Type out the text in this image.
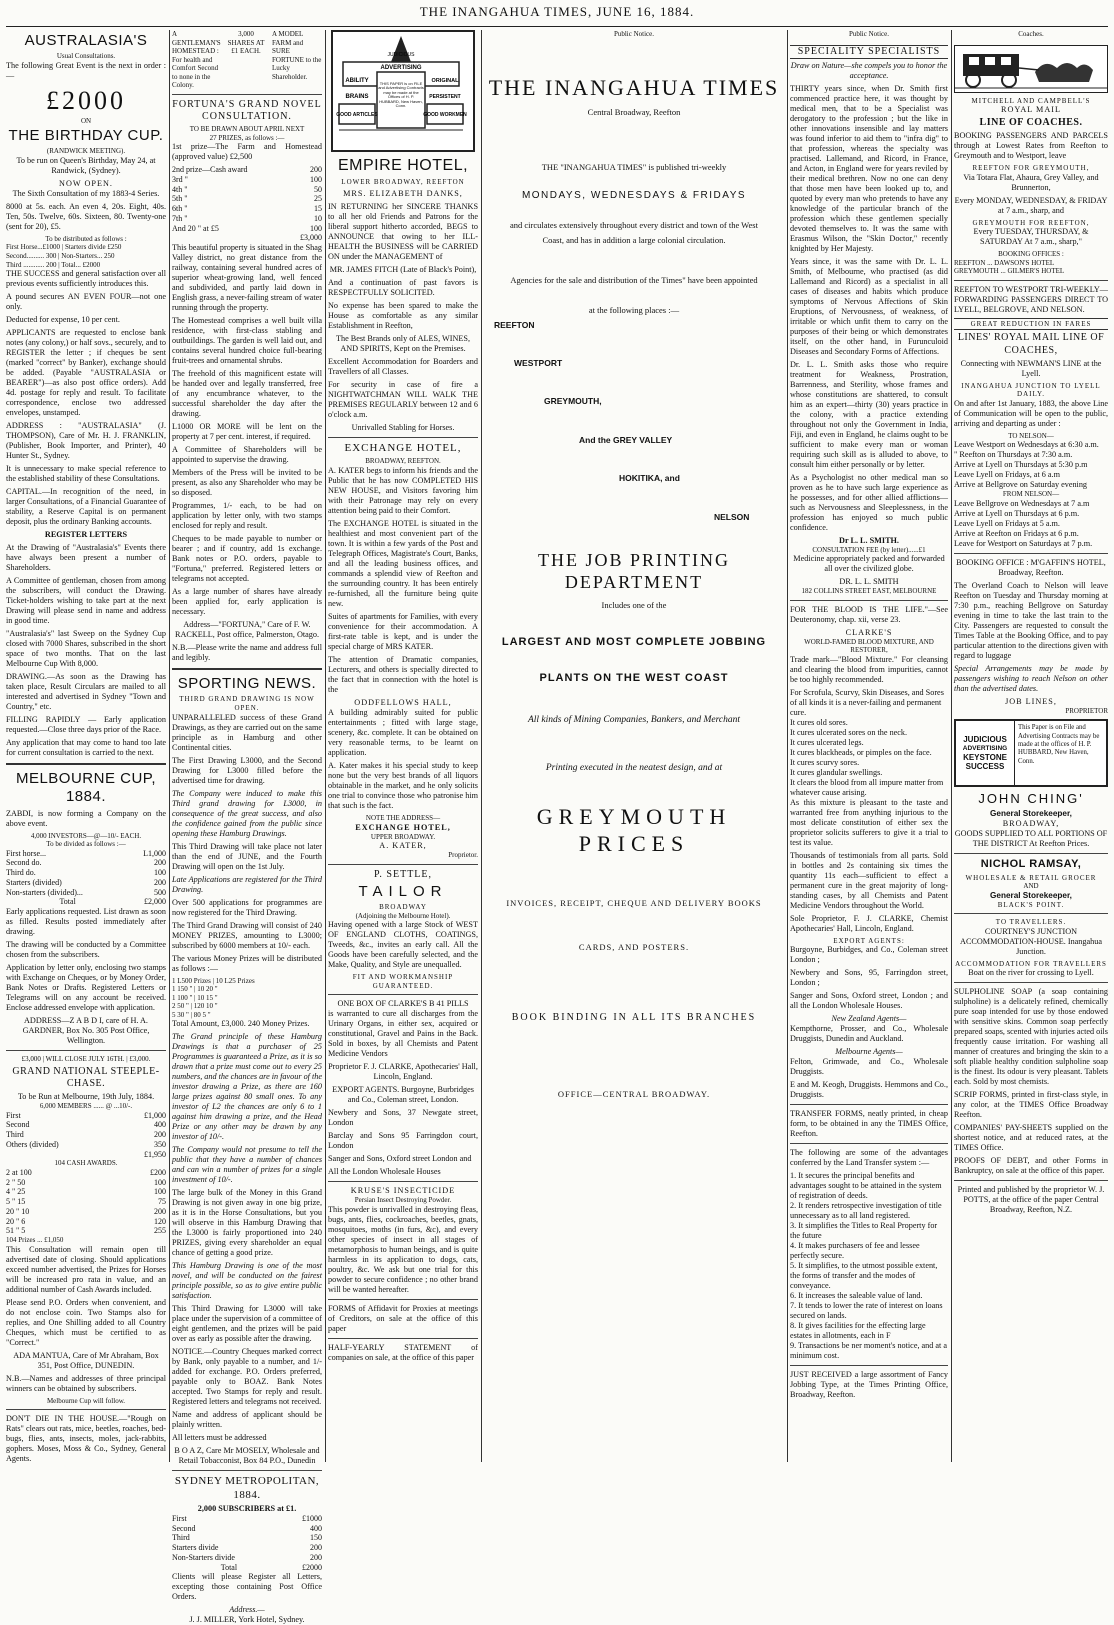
THE INANGAHUA TIMES, JUNE 16, 1884.
AUSTRALASIA'S
Usual Consultations.

The following Great Event is the next in order :—

£2000
ON
THE BIRTHDAY CUP.
(RANDWICK MEETING).

To be run on Queen's Birthday, May 24, at Randwick, (Sydney).

NOW OPEN.

The Sixth Consultation of my 1883-4 Series.

8000 at 5s. each. An even 4, 20s. Eight, 40s. Ten, 50s. Twelve, 60s. Sixteen, 80. Twenty-one (sent for 20), £5.

To be distributed as follows :
First Horse...£1000 | Starters divide £250
Second.......... 300 | Non-Starters... 250
Third ............ 200 | Total... £2000

THE SUCCESS and general satisfaction over all previous events sufficiently introduces this.

A pound secures AN EVEN FOUR—not one only.

Deducted for expense, 10 per cent.

APPLICANTS are requested to enclose bank notes (any colony,) or half sovs., securely, and to REGISTER the letter ; if cheques be sent (marked "correct" by Banker), exchange should be added. (Payable "AUSTRALASIA or BEARER")—as also post office orders). Add 4d. postage for reply and result. To facilitate correspondence, enclose two addressed envelopes, unstamped.

ADDRESS : "AUSTRALASIA" (J. THOMPSON), Care of Mr. H. J. FRANKLIN, (Publisher, Book Importer, and Printer), 40 Hunter St., Sydney.

It is unnecessary to make special reference to the established stability of these Consultations.

CAPITAL.—In recognition of the need, in larger Consultations, of a Financial Guarantee of stability, a Reserve Capital is on permanent deposit, plus the ordinary Banking accounts.

REGISTER LETTERS

At the Drawing of "Australasia's" Events there have always been present a number of Shareholders.

A Committee of gentleman, chosen from among the subscribers, will conduct the Drawing. Ticket-holders wishing to take part at the next Drawing will please send in name and address in good time.

"Australasia's" last Sweep on the Sydney Cup closed with 7000 Shares, subscribed in the short space of two months. That on the last Melbourne Cup With 8,000.

DRAWING.—As soon as the Drawing has taken place, Result Circulars are mailed to all interested and advertised in Sydney "Town and Country," etc.

FILLING RAPIDLY — Early application requested.—Close three days prior of the Race.

Any application that may come to hand too late for current consultation is carried to the next.

MELBOURNE CUP, 1884.

ZABDI, is now forming a Company on the above event.

4,000 INVESTORS—@—10/- EACH.
To be divided as follows :—
First horse...	L1,000
Second do.	200
Third do.	100
Starters (divided)	200
Non-starters (divided)...	500
Total	£2,000

Early applications requested. List drawn as soon as filled. Results posted immediately after drawing.

The drawing will be conducted by a Committee chosen from the subscribers.

Application by letter only, enclosing two stamps with Exchange on Cheques, or by Money Order, Bank Notes or Drafts. Registered Letters or Telegrams will on any account be received. Enclose addressed envelope with application.

ADDRESS—Z A B D I, care of H. A. GARDNER, Box No. 305 Post Office, Wellington.

£3,000 | WILL CLOSE JULY 16TH. | £3,000.
GRAND NATIONAL STEEPLE-CHASE.
To be Run at Melbourne, 19th July, 1884.
6,000 MEMBERS ...... @ ...10/-.
First	£1,000
Second	400
Third	200
Others (divided)	350
	£1,950
104 CASH AWARDS.
2 at 100	£200
2 " 50	100
4 " 25	100
5 " 15	75
20 " 10	200
20 " 6	120
51 " 5	255
104 Prizes ... £1,050

This Consultation will remain open till advertised date of closing. Should applications exceed number advertised, the Prizes for Horses will be increased pro rata in value, and an additional number of Cash Awards included.

Please send P.O. Orders when convenient, and do not enclose coin. Two Stamps also for replies, and One Shilling added to all Country Cheques, which must be certified to as "Correct."

ADA MANTUA, Care of Mr Abraham, Box 351, Post Office, DUNEDIN.

N.B.—Names and addresses of three principal winners can be obtained by subscribers.

Melbourne Cup will follow.

DON'T DIE IN THE HOUSE.—"Rough on Rats" clears out rats, mice, beetles, roaches, bed-bugs, flies, ants, insects, moles, jack-rabbits, gophers. Moses, Moss & Co., Sydney, General Agents.

A GENTLEMAN'S HOMESTEAD : For health and Comfort Second to none in the Colony.
3,000 SHARES AT £1 EACH.
A MODEL FARM and SURE FORTUNE to the Lucky Shareholder.
FORTUNA'S GRAND NOVEL CONSULTATION.
TO BE DRAWN ABOUT APRIL NEXT
27 PRIZES, as follows :—

1st prize—The Farm and Homestead (approved value) £2,500

2nd prize—Cash award	200
3rd "	100
4th "	50
5th "	25
6th "	15
7th "	10
And 20 " at £5	100
	£3,000

This beautiful property is situated in the Shag Valley district, no great distance from the railway, containing several hundred acres of superior wheat-growing land, well fenced and subdivided, and partly laid down in English grass, a never-failing stream of water running through the property.

The Homestead comprises a well built villa residence, with first-class stabling and outbuildings. The garden is well laid out, and contains several hundred choice full-bearing fruit-trees and ornamental shrubs.

The freehold of this magnificent estate will be handed over and legally transferred, free of any encumbrance whatever, to the successful shareholder the day after the drawing.

L1000 OR MORE will be lent on the property at 7 per cent. interest, if required.

A Committee of Shareholders will be appointed to supervise the drawing.

Members of the Press will be invited to be present, as also any Shareholder who may be so disposed.

Programmes, 1/- each, to be had on application by letter only, with two stamps enclosed for reply and result.

Cheques to be made payable to number or bearer ; and if country, add 1s exchange. Bank notes or P.O. orders, payable to "Fortuna," preferred. Registered letters or telegrams not accepted.

As a large number of shares have already been applied for, early application is necessary.

Address—"FORTUNA," Care of F. W. RACKELL, Post office, Palmerston, Otago.

N.B.—Please write the name and address full and legibly.

SPORTING NEWS.
THIRD GRAND DRAWING IS NOW OPEN.

UNPARALLELED success of these Grand Drawings, as they are carried out on the same principle as in Hamburg and other Continental cities.

The First Drawing L3000, and the Second Drawing for L3000 filled before the advertised time for drawing.

The Company were induced to make this Third grand drawing for L3000, in consequence of the great success, and also the confidence gained from the public since opening these Hamburg Drawings.

This Third Drawing will take place not later than the end of JUNE, and the Fourth Drawing will open on the 1st July.

Late Applications are registered for the Third Drawing.

Over 500 applications for programmes are now registered for the Third Drawing.

The Third Grand Drawing will consist of 240 MONEY PRIZES, amounting to L3000; subscribed by 6000 members at 10/- each.

The various Money Prizes will be distributed as follows :—

1 L500 Prizes | 10 L25 Prizes
1 150 " | 10 20 "
1 100 " | 10 15 "
2 50 " | 120 10 "
5 30 " | 80 5 "

Total Amount, £3,000. 240 Money Prizes.

The Grand principle of these Hamburg Drawings is that a purchaser of 25 Programmes is guaranteed a Prize, as it is so drawn that a prize must come out to every 25 numbers, and the chances are in favour of the investor drawing a Prize, as there are 160 large prizes against 80 small ones. To any investor of L2 the chances are only 6 to 1 against him drawing a prize, and the Head Prize or any other may be drawn by any investor of 10/-.

The Company would not presume to tell the public that they have a number of chances and can win a number of prizes for a single investment of 10/-.

The large bulk of the Money in this Grand Drawing is not given away in one big prize, as it is in the Horse Consultations, but you will observe in this Hamburg Drawing that the L3000 is fairly proportioned into 240 PRIZES, giving every shareholder an equal chance of getting a good prize.

This Hamburg Drawing is one of the most novel, and will be conducted on the fairest principle possible, so as to give entire public satisfaction.

This Third Drawing for L3000 will take place under the supervision of a committee of eight gentlemen, and the prizes will be paid over as early as possible after the drawing.

NOTICE.—Country Cheques marked correct by Bank, only payable to a number, and 1/- added for exchange. P.O. Orders preferred, payable only to BOAZ. Bank Notes accepted. Two Stamps for reply and result. Registered letters and telegrams not received.

Name and address of applicant should be plainly written.

All letters must be addressed

B O A Z, Care Mr MOSELY, Wholesale and Retail Tobacconist, Box 84 P.O., Dunedin

SYDNEY METROPOLITAN, 1884.
2,000 SUBSCRIBERS at £1.
First	£1000
Second	400
Third	150
Starters divide	200
Non-Starters divide	200
Total	£2000

Clients will please Register all Letters, excepting those containing Post Office Orders.

Address.—

J. J. MILLER, York Hotel, Sydney.

JUDICIOUS
ADVERTISING
ABILITY
GOOD ARTICLES
BRAINS	PERSISTENT
GOOD WORKMEN
ORIGINAL
THIS PAPER is on FILE and Advertising Contracts may be made at the Offices of H. P. HUBBARD, New Haven, Conn.
EMPIRE HOTEL,
LOWER BROADWAY, REEFTON
MRS. ELIZABETH DANKS,

IN RETURNING her SINCERE THANKS to all her old Friends and Patrons for the liberal support hitherto accorded, BEGS to ANNOUNCE that owing to her ILL-HEALTH the BUSINESS will be CARRIED ON under the MANAGEMENT of

MR. JAMES FITCH (Late of Black's Point),

And a continuation of past favors is RESPECTFULLY SOLICITED.

No expense has been spared to make the House as comfortable as any similar Establishment in Reefton,

The Best Brands only of ALES, WINES, AND SPIRITS, Kept on the Premises.

Excellent Accommodation for Boarders and Travellers of all Classes.

For security in case of fire a NIGHTWATCHMAN WILL WALK THE PREMISES REGULARLY between 12 and 6 o'clock a.m.

Unrivalled Stabling for Horses.

EXCHANGE HOTEL,
BROADWAY, REEFTON.

A. KATER begs to inform his friends and the Public that he has now COMPLETED HIS NEW HOUSE, and Visitors favoring him with their Patronage may rely on every attention being paid to their Comfort.

The EXCHANGE HOTEL is situated in the healthiest and most convenient part of the town. It is within a few yards of the Post and Telegraph Offices, Magistrate's Court, Banks, and all the leading business offices, and commands a splendid view of Reefton and the surrounding country. It has been entirely re-furnished, all the furniture being quite new.

Suites of apartments for Families, with every convenience for their accommodation. A first-rate table is kept, and is under the special charge of MRS KATER.

The attention of Dramatic companies, Lecturers, and others is specially directed to the fact that in connection with the hotel is the

ODDFELLOWS HALL,

A building admirably suited for public entertainments ; fitted with large stage, scenery, &c. complete. It can be obtained on very reasonable terms, to be learnt on application.

A. Kater makes it his special study to keep none but the very best brands of all liquors obtainable in the market, and he only solicits one trial to convince those who patronise him that such is the fact.

NOTE THE ADDRESS—
EXCHANGE HOTEL,
UPPER BROADWAY.
A. KATER,
Proprietor.
P. SETTLE,
TAILOR
BROADWAY
(Adjoining the Melbourne Hotel).

Having opened with a large Stock of WEST OF ENGLAND CLOTHS, COATINGS, Tweeds, &c., invites an early call. All the Goods have been carefully selected, and the Make, Quality, and Style are unequalled.

FIT AND WORKMANSHIP GUARANTEED.
ONE BOX OF CLARKE'S B 41 PILLS

is warranted to cure all discharges from the Urinary Organs, in either sex, acquired or constitutional, Gravel and Pains in the Back. Sold in boxes, by all Chemists and Patent Medicine Vendors

Proprietor F. J. CLARKE, Apothecaries' Hall, Lincoln, England.

EXPORT AGENTS. Burgoyne, Burbridges and Co., Coleman street, London.

Newbery and Sons, 37 Newgate street, London

Barclay and Sons 95 Farringdon court, London

Sanger and Sons, Oxford street London and

All the London Wholesale Houses

KRUSE'S INSECTICIDE
Persian Insect Destroying Powder.

This powder is unrivalled in destroying fleas, bugs, ants, flies, cockroaches, beetles, gnats, mosquitoes, moths (in furs, &c), and every other species of insect in all stages of metamorphosis to human beings, and is quite harmless in its application to dogs, cats, poultry, &c. We ask but one trial for this powder to secure confidence ; no other brand will be wanted hereafter.

FORMS of Affidavit for Proxies at meetings of Creditors, on sale at the office of this paper

HALF-YEARLY STATEMENT of companies on sale, at the office of this paper

Public Notice.
THE INANGAHUA TIMES
Central Broadway, Reefton
THE "INANGAHUA TIMES" is published tri-weekly
MONDAYS, WEDNESDAYS & FRIDAYS
and circulates extensively throughout every district and town of the West
Coast, and has in addition a large colonial circulation.
Agencies for the sale and distribution of the Times" have been appointed
at the following places :—
REEFTON
WESTPORT
GREYMOUTH,
And the GREY VALLEY
HOKITIKA, and
NELSON
THE JOB PRINTING DEPARTMENT
Includes one of the
LARGEST AND MOST COMPLETE JOBBING
PLANTS ON THE WEST COAST
All kinds of Mining Companies, Bankers, and Merchant
Printing executed in the neatest design, and at
GREYMOUTH PRICES
INVOICES, RECEIPT, CHEQUE AND DELIVERY BOOKS
CARDS, AND POSTERS.
BOOK BINDING IN ALL ITS BRANCHES
OFFICE—CENTRAL BROADWAY.
Public Notice.
SPECIALITY SPECIALISTS

Draw on Nature—she compels you to honor the acceptance.

THIRTY years since, when Dr. Smith first commenced practice here, it was thought by medical men, that to be a Specialist was derogatory to the profession ; but the like in other innovations insensible and lay matters was found inferior to aid them to "infra dig" to that profession, whereas the specialty was practised. Lallemand, and Ricord, in France, and Acton, in England were for years reviled by their medical brethren. Now no one can deny that those men have been looked up to, and quoted by every man who pretends to have any knowledge of the particular branch of the profession which these gentlemen specially devoted themselves to. It was the same with Erasmus Wilson, the "Skin Doctor," recently knighted by Her Majesty.

Years since, it was the same with Dr. L. L. Smith, of Melbourne, who practised (as did Lallemand and Ricord) as a specialist in all cases of diseases and habits which produce symptoms of Nervous Affections of Skin Eruptions, of Nervousness, of weakness, of irritable or which unfit them to carry on the purposes of their being or which demonstrates itself, on the other hand, in Furunculoid Diseases and Secondary Forms of Affections.

Dr. L. L. Smith asks those who require treatment for Weakness, Prostration, Barrenness, and Sterility, whose frames and whose constitutions are shattered, to consult him as an expert—thirty (30) years practice in the colony, with a practice extending throughout not only the Government in India, Fiji, and even in England, he claims ought to be sufficient to make every man or woman requiring such skill as is alluded to above, to consult him either personally or by letter.

As a Psychologist no other medical man so proven as he to have such large experience as he possesses, and for other allied afflictions—such as Nervousness and Sleeplessness, in the profession has enjoyed so much public confidence.

Dr L. L. SMITH.
CONSULTATION FEE (by letter)......£1

Medicine appropriately packed and forwarded all over the civilized globe.

DR. L. L. SMITH
182 COLLINS STREET EAST, MELBOURNE

FOR THE BLOOD IS THE LIFE."—See Deuteronomy, chap. xii, verse 23.

CLARKE'S
WORLD-FAMED BLOOD MIXTURE, AND RESTORER,

Trade mark—"Blood Mixture." For cleansing and clearing the blood from impurities, cannot be too highly recommended.

For Scrofula, Scurvy, Skin Diseases, and Sores of all kinds it is a never-failing and permanent cure.
It cures old sores.
It cures ulcerated sores on the neck.
It cures ulcerated legs.
It cures blackheads, or pimples on the face.
It cures scurvy sores.
It cures glandular swellings.
It clears the blood from all impure matter from whatever cause arising.

As this mixture is pleasant to the taste and warranted free from anything injurious to the most delicate constitution of either sex the proprietor solicits sufferers to give it a trial to test its value.

Thousands of testimonials from all parts. Sold in bottles and 2s containing six times the quantity 11s each—sufficient to effect a permanent cure in the great majority of long-standing cases, by all Chemists and Patent Medicine Vendors throughout the World.

Sole Proprietor, F. J. CLARKE, Chemist Apothecaries' Hall, Lincoln, England.

EXPORT AGENTS:

Burgoyne, Burbidges, and Co., Coleman street London ;

Newbery and Sons, 95, Farringdon street, London ;

Sanger and Sons, Oxford street, London ; and all the London Wholesale Houses.

New Zealand Agents—

Kempthorne, Prosser, and Co., Wholesale Druggists, Dunedin and Auckland.

Melbourne Agents—

Felton, Grimwade, and Co., Wholesale Druggists.

E and M. Keogh, Druggists. Hemmons and Co., Druggists.

TRANSFER FORMS, neatly printed, in cheap form, to be obtained in any the TIMES Office, Reefton.

The following are some of the advantages conferred by the Land Transfer system :—

1. It secures the principal benefits and advantages sought to be attained in the system of registration of deeds.
2. It renders retrospective investigation of title unnecessary as to all land registered.
3. It simplifies the Titles to Real Property for the future
4. It makes purchasers of fee and lessee perfectly secure.
5. It simplifies, to the utmost possible extent, the forms of transfer and the modes of conveyance.
6. It increases the saleable value of land.
7. It tends to lower the rate of interest on loans secured on lands.
8. It gives facilities for the effecting large estates in allotments, each in F
9. Transactions be ner moment's notice, and at a minimum cost.

JUST RECEIVED a large assortment of Fancy Jobbing Type, at the Times Printing Office, Broadway, Reefton.

Coaches.
MITCHELL AND CAMPBELL'S
ROYAL MAIL
LINE OF COACHES.

BOOKING PASSENGERS AND PARCELS through at Lowest Rates from Reefton to Greymouth and to Westport, leave

REEFTON FOR GREYMOUTH,

Via Totara Flat, Ahaura, Grey Valley, and Brunnerton,

Every MONDAY, WEDNESDAY, & FRIDAY at 7 a.m., sharp, and

GREYMOUTH FOR REEFTON,

Every TUESDAY, THURSDAY, & SATURDAY At 7 a.m., sharp,"

BOOKING OFFICES :
REEFTON ... DAWSON'S HOTEL
GREYMOUTH ... GILMER'S HOTEL

REEFTON TO WESTPORT TRI-WEEKLY—FORWARDING PASSENGERS DIRECT TO LYELL, BELGROVE, AND NELSON.

GREAT REDUCTION IN FARES
LINES' ROYAL MAIL LINE OF COACHES,

Connecting with NEWMAN'S LINE at the Lyell.

INANGAHUA JUNCTION TO LYELL DAILY.

On and after 1st January, 1883, the above Line of Communication will be open to the public, arriving and departing as under :

TO NELSON—
Leave Westport on Wednesdays at 6:30 a.m.
" Reefton on Thursdays at 7:30 a.m.
Arrive at Lyell on Thursdays at 5:30 p.m
Leave Lyell on Fridays, at 6 a.m
Arrive at Bellgrove on Saturday evening
FROM NELSON—
Leave Bellgrove on Wednesdays at 7 a.m
Arrive at Lyell on Thursdays at 6 p.m.
Leave Lyell on Fridays at 5 a.m.
Arrive at Reefton on Fridays at 6 p.m.
Leave for Westport on Saturdays at 7 p.m.

BOOKING OFFICE : M'GAFFIN'S HOTEL, Broadway, Reefton.

The Overland Coach to Nelson will leave Reefton on Tuesday and Thursday morning at 7:30 p.m., reaching Bellgrove on Saturday evening in time to take the last train to the City. Passengers are requested to consult the Times Table at the Booking Office, and to pay particular attention to the directions given with regard to luggage

Special Arrangements may be made by passengers wishing to reach Nelson on other than the advertised dates.

JOB LINES,
PROPRIETOR
JUDICIOUS
ADVERTISING
KEYSTONE
SUCCESS
This Paper is on File and Advertising Contracts may be made at the offices of H. P. HUBBARD, New Haven, Conn.
JOHN CHING'
General Storekeeper,
BROADWAY,

GOODS SUPPLIED TO ALL PORTIONS OF THE DISTRICT At Reefton Prices.

NICHOL RAMSAY,
WHOLESALE & RETAIL GROCER
AND
General Storekeeper,
BLACK'S POINT.
TO TRAVELLERS.

COURTNEY'S JUNCTION ACCOMMODATION-HOUSE. Inangahua Junction.

ACCOMMODATION FOR TRAVELLERS

Boat on the river for crossing to Lyell.

SULPHOLINE SOAP (a soap containing sulpholine) is a delicately refined, chemically pure soap intended for use by those endowed with sensitive skins. Common soap perfectly prepared soaps, scented with injuries acted oils frequently cause irritation. For washing all manner of creatures and bringing the skin to a soft pliable healthy condition sulpholine soap is the finest. Its odour is very pleasant. Tablets each. Sold by most chemists.

SCRIP FORMS, printed in first-class style, in any color, at the TIMES Office Broadway Reefton.

COMPANIES' PAY-SHEETS supplied on the shortest notice, and at reduced rates, at the TIMES Office.

PROOFS OF DEBT, and other Forms in Bankruptcy, on sale at the office of this paper.

Printed and published by the proprietor W. J. POTTS, at the office of the paper Central Broadway, Reefton, N.Z.
